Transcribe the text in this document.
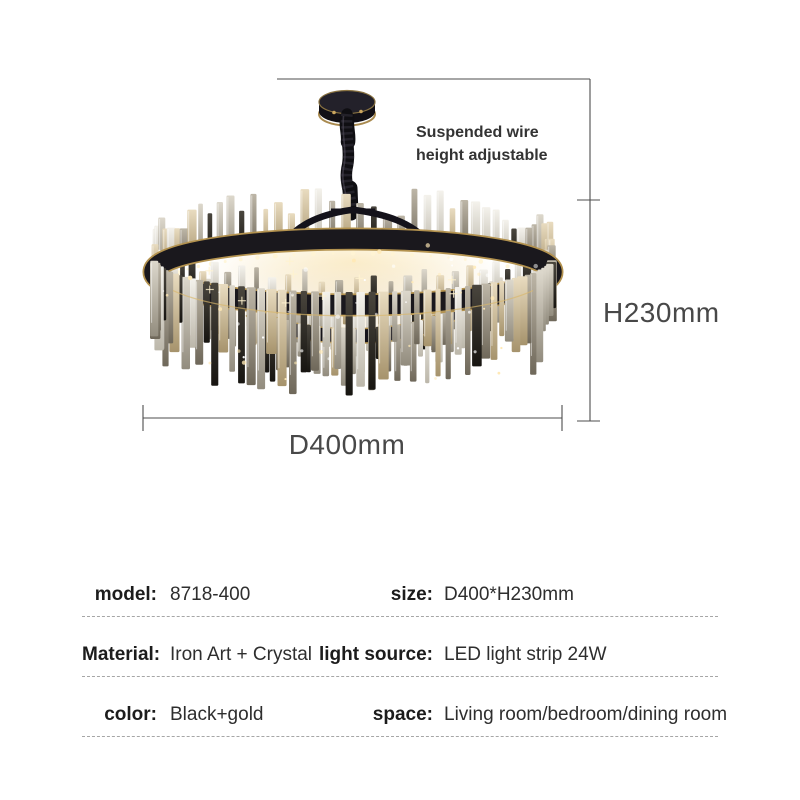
Suspended wire height adjustable
H230mm
D400mm
model: 8718-400	size: D400*H230mm
Material: Iron Art + Crystal light source: LED light strip 24W
color: Black+gold	space: Living room/bedroom/dining room
